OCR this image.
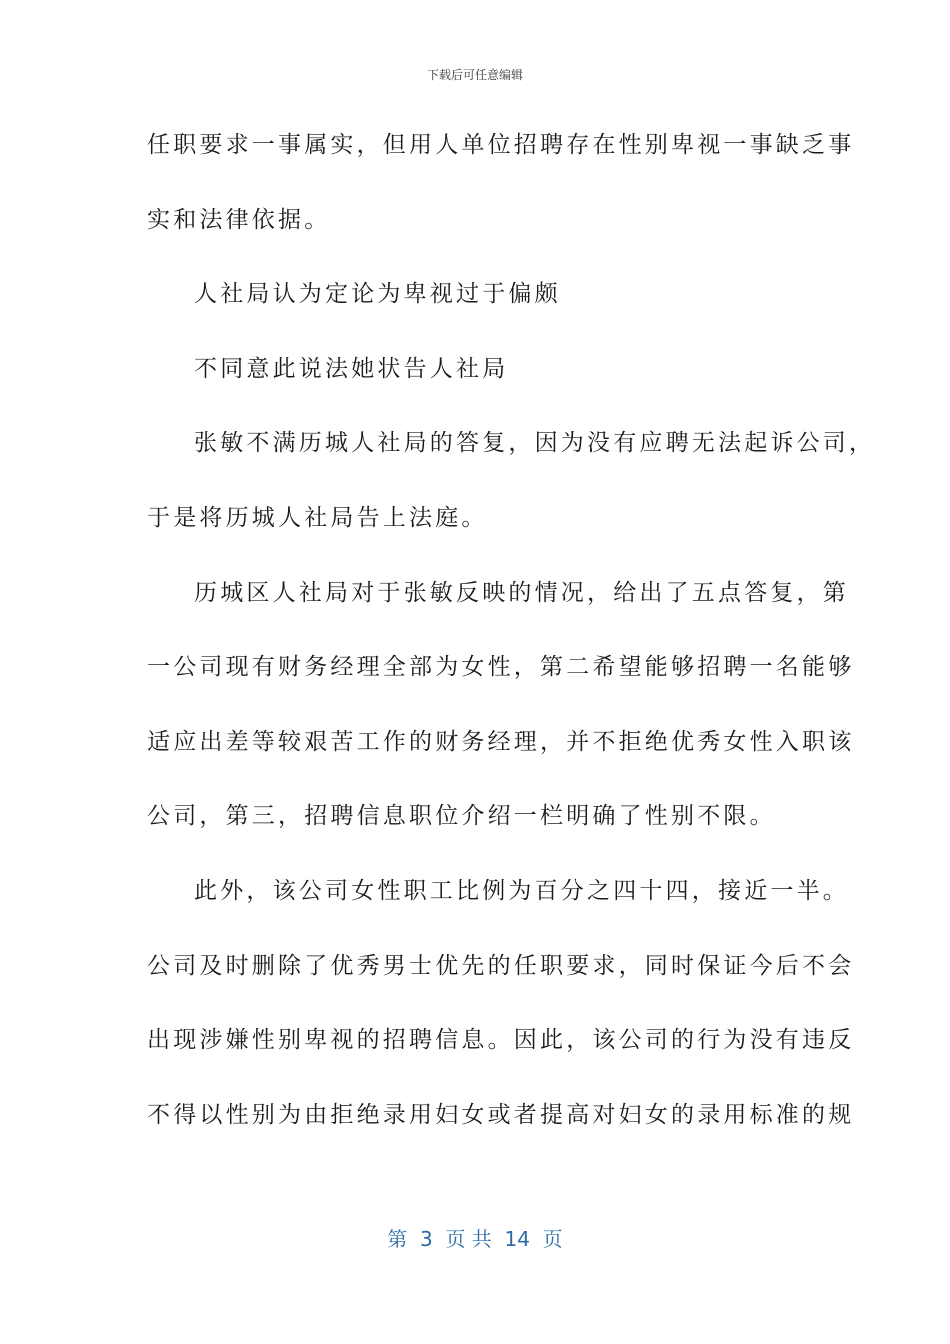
下载后可任意编辑
任职要求一事属实，但用人单位招聘存在性别卑视一事缺乏事
实和法律依据。
人社局认为定论为卑视过于偏颇
不同意此说法她状告人社局
张敏不满历城人社局的答复，因为没有应聘无法起诉公司，
于是将历城人社局告上法庭。
历城区人社局对于张敏反映的情况，给出了五点答复，第
一公司现有财务经理全部为女性，第二希望能够招聘一名能够
适应出差等较艰苦工作的财务经理，并不拒绝优秀女性入职该
公司，第三，招聘信息职位介绍一栏明确了性别不限。
此外，该公司女性职工比例为百分之四十四，接近一半。
公司及时删除了优秀男士优先的任职要求，同时保证今后不会
出现涉嫌性别卑视的招聘信息。因此，该公司的行为没有违反
不得以性别为由拒绝录用妇女或者提高对妇女的录用标准的规
第  3  页 共  14  页
